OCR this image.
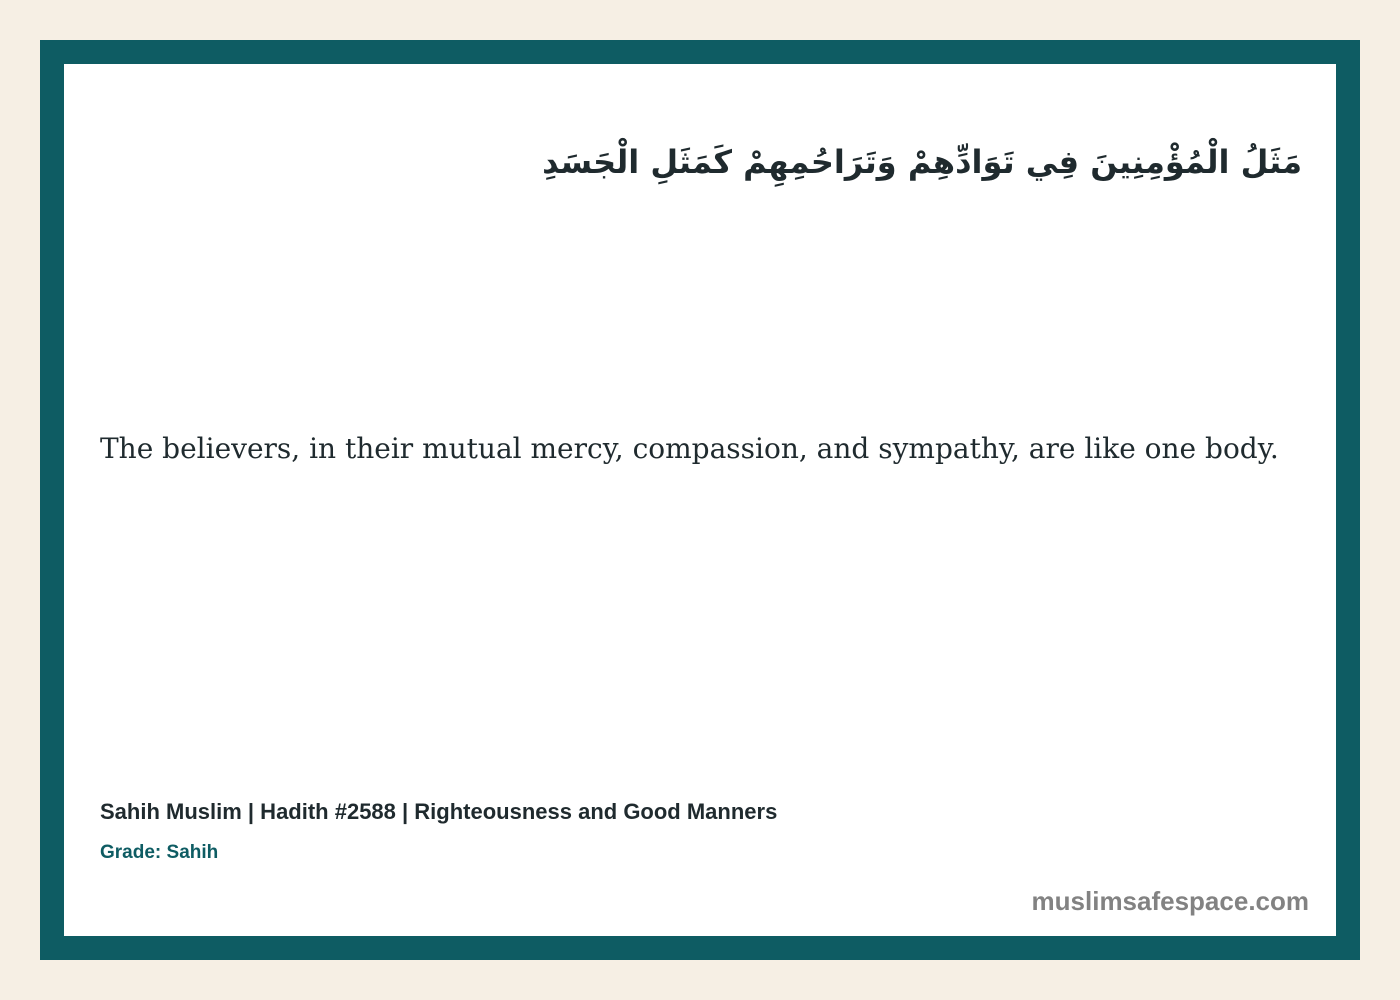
مَثَلُ الْمُؤْمِنِينَ فِي تَوَادِّهِمْ وَتَرَاحُمِهِمْ كَمَثَلِ الْجَسَدِ
The believers, in their mutual mercy, compassion, and sympathy, are like one body.
Sahih Muslim | Hadith #2588 | Righteousness and Good Manners
Grade: Sahih
muslimsafespace.com
